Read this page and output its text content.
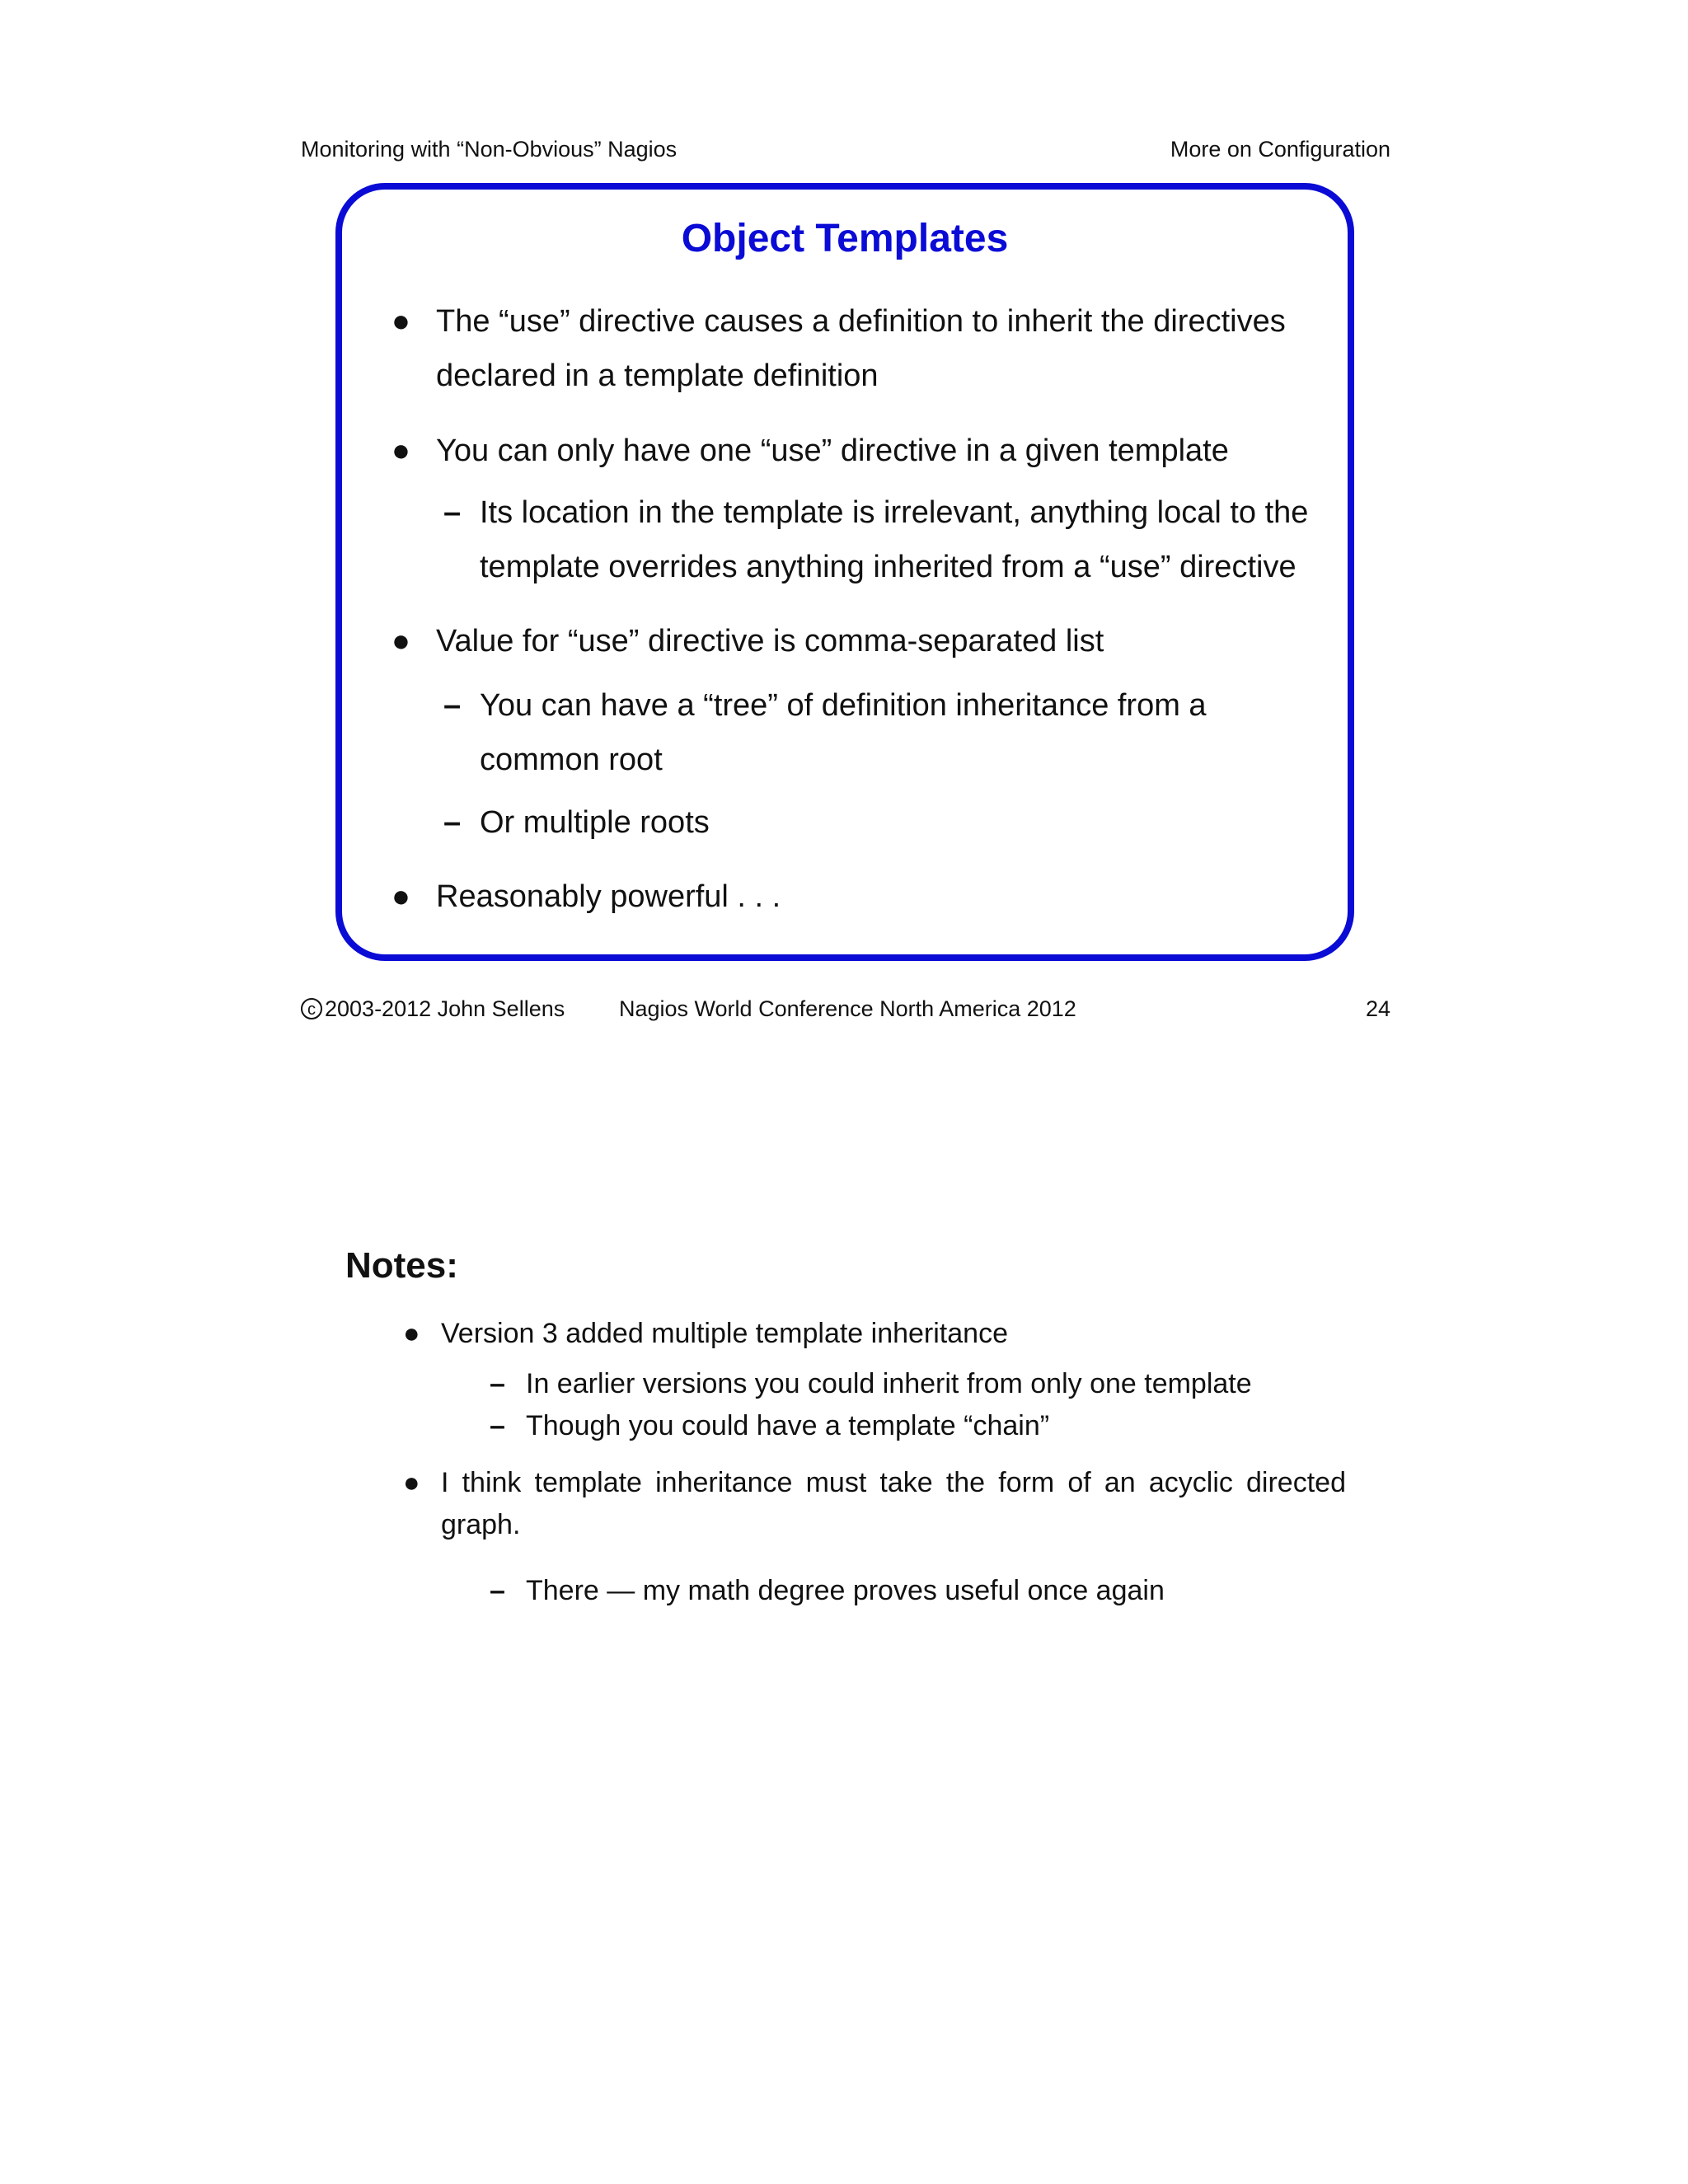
Monitoring with “Non-Obvious” Nagios	More on Configuration
Object Templates
● The “use” directive causes a definition to inherit the directives declared in a template definition
● You can only have one “use” directive in a given template
– Its location in the template is irrelevant, anything local to the template overrides anything inherited from a “use” directive
● Value for “use” directive is comma-separated list
– You can have a “tree” of definition inheritance from a common root
– Or multiple roots
● Reasonably powerful . . .
c 2003-2012 John Sellens Nagios World Conference North America 2012	24
Notes:
● Version 3 added multiple template inheritance
– In earlier versions you could inherit from only one template
– Though you could have a template “chain”
● I think template inheritance must take the form of an acyclic directed graph.
– There — my math degree proves useful once again
